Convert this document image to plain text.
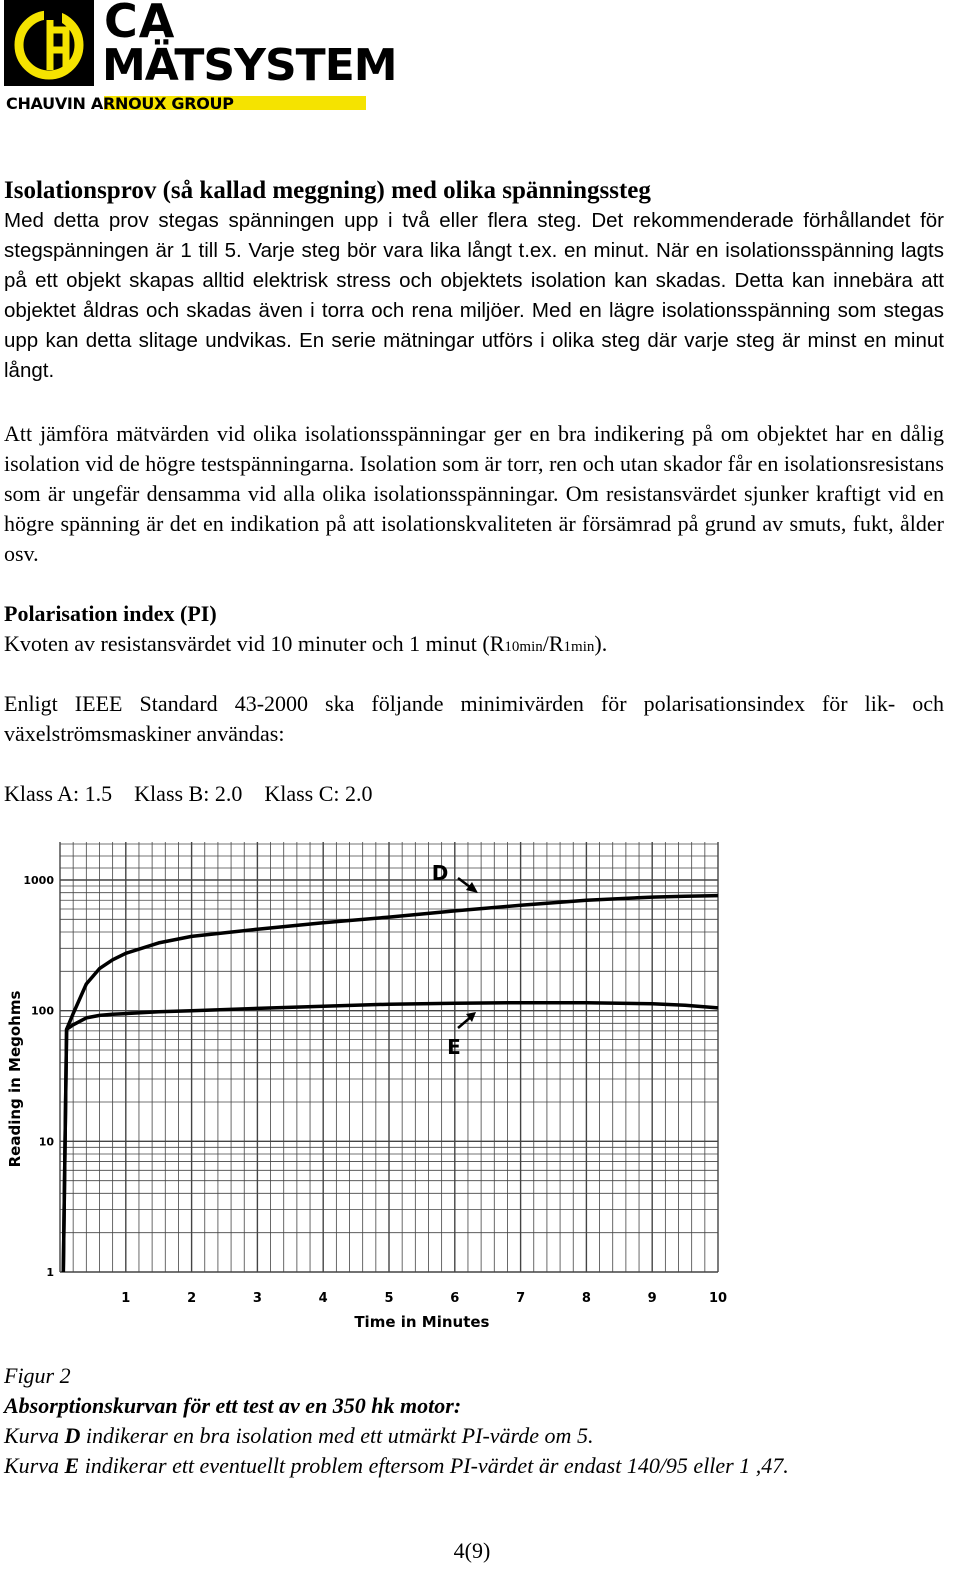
CA
MÄTSYSTEM
CHAUVIN ARNOUX GROUP

Isolationsprov (så kallad meggning) med olika spänningssteg

Med detta prov stegas spänningen upp i två eller flera steg. Det rekommenderade förhållandet för stegspänningen är 1 till 5. Varje steg bör vara lika långt t.ex. en minut. När en isolationsspänning lagts på ett objekt skapas alltid elektrisk stress och objektets isolation kan skadas. Detta kan innebära att objektet åldras och skadas även i torra och rena miljöer. Med en lägre isolationsspänning som stegas upp kan detta slitage undvikas. En serie mätningar utförs i olika steg där varje steg är minst en minut långt.

Att jämföra mätvärden vid olika isolationsspänningar ger en bra indikering på om objektet har en dålig isolation vid de högre testspänningarna. Isolation som är torr, ren och utan skador får en isolationsresistans som är ungefär densamma vid alla olika isolationsspänningar. Om resistansvärdet sjunker kraftigt vid en högre spänning är det en indikation på att isolationskvaliteten är försämrad på grund av smuts, fukt, ålder osv.

Polarisation index (PI)

Kvoten av resistansvärdet vid 10 minuter och 1 minut (R10min/R1min).

Enligt IEEE Standard 43-2000 ska följande minimivärden för polarisationsindex för lik- och växelströmsmaskiner användas:
Klass A: 1.5    Klass B: 2.0    Klass C: 2.0
1
10
100
1000
1	2	3	4	5	6	7	8	9	10
Time in Minutes
Reading in Megohms
D
E

Figur 2

Absorptionskurvan för ett test av en 350 hk motor:

Kurva D indikerar en bra isolation med ett utmärkt PI-värde om 5.

Kurva E indikerar ett eventuellt problem eftersom PI-värdet är endast 140/95 eller 1 ,47.

4(9)
